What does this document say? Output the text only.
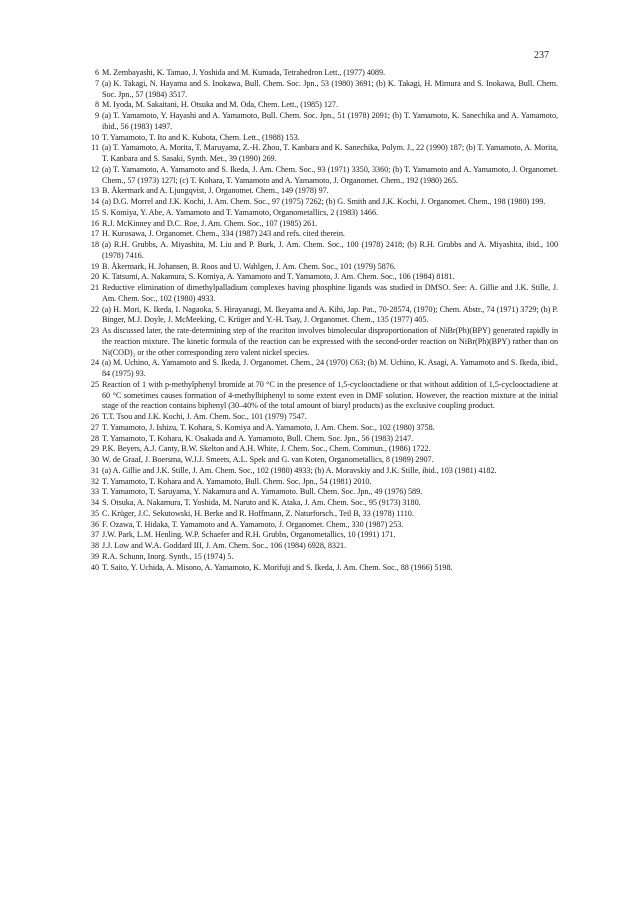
237
6 M. Zembayashi, K. Tamao, J. Yoshida and M. Kumada, Tetrahedron Lett., (1977) 4089.
7 (a) K. Takagi, N. Hayama and S. Inokawa, Bull. Chem. Soc. Jpn., 53 (1980) 3691; (b) K. Takagi, H. Mimura and S. Inokawa, Bull. Chem. Soc. Jpn., 57 (1984) 3517.
8 M. Iyoda, M. Sakaitani, H. Otsuka and M. Oda, Chem. Lett., (1985) 127.
9 (a) T. Yamamoto, Y. Hayashi and A. Yamamoto, Bull. Chem. Soc. Jpn., 51 (1978) 2091; (b) T. Yamamoto, K. Sanechika and A. Yamamoto, ibid., 56 (1983) 1497.
10 T. Yamamoto, T. Ito and K. Kubota, Chem. Lett., (1988) 153.
11 (a) T. Yamamoto, A. Morita, T. Maruyama, Z.-H. Zhou, T. Kanbara and K. Sanechika, Polym. J., 22 (1990) 187; (b) T. Yamamoto, A. Morita, T. Kanbara and S. Sasaki, Synth. Met., 39 (1990) 269.
12 (a) T. Yamamoto, A. Yamamoto and S. Ikeda, J. Am. Chem. Soc., 93 (1971) 3350, 3360; (b) T. Yamamoto and A. Yamamoto, J. Organomet. Chem., 57 (1973) 127l; (c) T. Kohara, T. Yamamoto and A. Yamamoto, J. Organomet. Chem., 192 (1980) 265.
13 B. Åkermark and A. Ljungqvist, J. Organomet. Chem., 149 (1978) 97.
14 (a) D.G. Morrel and J.K. Kochi, J. Am. Chem. Soc., 97 (1975) 7262; (b) G. Smith and J.K. Kochi, J. Organomet. Chem., 198 (1980) 199.
15 S. Komiya, Y. Abe, A. Yamamoto and T. Yamamoto, Organometallics, 2 (1983) 1466.
16 R.J. McKinney and D.C. Roe, J. Am. Chem. Soc., 107 (1985) 261.
17 H. Kurosawa, J. Organomet. Chem., 334 (1987) 243 and refs. cited therein.
18 (a) R.H. Grubbs, A. Miyashita, M. Liu and P. Burk, J. Am. Chem. Soc., 100 (1978) 2418; (b) R.H. Grubbs and A. Miyashita, ibid., 100 (1978) 7416.
19 B. Åkermark, H. Johansen, B. Roos and U. Wahlgen, J. Am. Chem. Soc., 101 (1979) 5876.
20 K. Tatsumi, A. Nakamura, S. Komiya, A. Yamamoto and T. Yamamoto, J. Am. Chem. Soc., 106 (1984) 8181.
21 Reductive elimination of dimethylpalladium complexes having phosphine ligands was studied in DMSO. See: A. Gillie and J.K. Stille, J. Am. Chem. Soc., 102 (1980) 4933.
22 (a) H. Mori, K. Ikeda, I. Nagaoka, S. Hirayanagi, M. Ikeyama and A. Kihi, Jap. Pat., 70-28574, (1970); Chem. Abstr., 74 (1971) 3729; (b) P. Binger, M.J. Doyle, J. McMeeking, C. Krüger and Y.-H. Tsay, J. Organomet. Chem., 135 (1977) 405.
23 As discussed later, the rate-determining step of the reaciton involves bimolecular disproportionation of NiBr(Ph)(BPY) generated rapidly in the reaction mixture. The kinetic formula of the reaction can be expressed with the second-order reaction on NiBr(Ph)(BPY) rather than on Ni(COD)₂ or the other corresponding zero valent nickel species.
24 (a) M. Uchino, A. Yamamoto and S. Ikeda, J. Organomet. Chem., 24 (1970) C63; (b) M. Uchino, K. Asagi, A. Yamamoto and S. Ikeda, ibid., 84 (1975) 93.
25 Reaction of 1 with p-methylphenyl bromide at 70 °C in the presence of 1,5-cyclooctadiene or that without addition of 1,5-cyclooctadiene at 60 °C sometimes causes formation of 4-methylbiphenyl to some extent even in DMF solution. However, the reaction mixture at the initial stage of the reaction contains biphenyl (30–40% of the total amount of biaryl products) as the exclusive coupling product.
26 T.T. Tsou and J.K. Kochi, J. Am. Chem. Soc., 101 (1979) 7547.
27 T. Yamamoto, J. Ishizu, T. Kohara, S. Komiya and A. Yamamoto, J. Am. Chem. Soc., 102 (1980) 3758.
28 T. Yamamoto, T. Kohara, K. Osakada and A. Yamamoto, Bull. Chem. Soc. Jpn., 56 (1983) 2147.
29 P.K. Beyers, A.J. Canty, B.W. Skelton and A.H. White, J. Chem. Soc., Chem. Commun., (1986) 1722.
30 W. de Graaf, J. Boersma, W.J.J. Smeets, A.L. Spek and G. van Koten, Organometallics, 8 (1989) 2907.
31 (a) A. Gillie and J.K. Stille, J. Am. Chem. Soc., 102 (1980) 4933; (b) A. Moravskiy and J.K. Stille, ibid., 103 (1981) 4182.
32 T. Yamamoto, T. Kohara and A. Yamamoto, Bull. Chem. Soc. Jpn., 54 (1981) 2010.
33 T. Yamamoto, T. Saruyama, Y. Nakamura and A. Yamamoto. Bull. Chem. Soc. Jpn., 49 (1976) 589.
34 S. Otsuka, A. Nakamura, T. Yoshida, M. Naruto and K. Ataka, J. Am. Chem. Soc., 95 (9173) 3180.
35 C. Krüger, J.C. Sekutowski, H. Berke and R. Hoffmann, Z. Naturforsch., Teil B, 33 (1978) 1110.
36 F. Ozawa, T. Hidaka, T. Yamamoto and A. Yamamoto, J. Organomet. Chem., 330 (1987) 253.
37 J.W. Park, L.M. Henling, W.P. Schaefer and R.H. Grubbs, Organometallics, 10 (1991) 171.
38 J.J. Low and W.A. Goddard III, J. Am. Chem. Soc., 106 (1984) 6928, 8321.
39 R.A. Schunn, Inorg. Synth., 15 (1974) 5.
40 T. Saito, Y. Uchida, A. Misono, A. Yamamoto, K. Morifuji and S. Ikeda, J. Am. Chem. Soc., 88 (1966) 5198.
